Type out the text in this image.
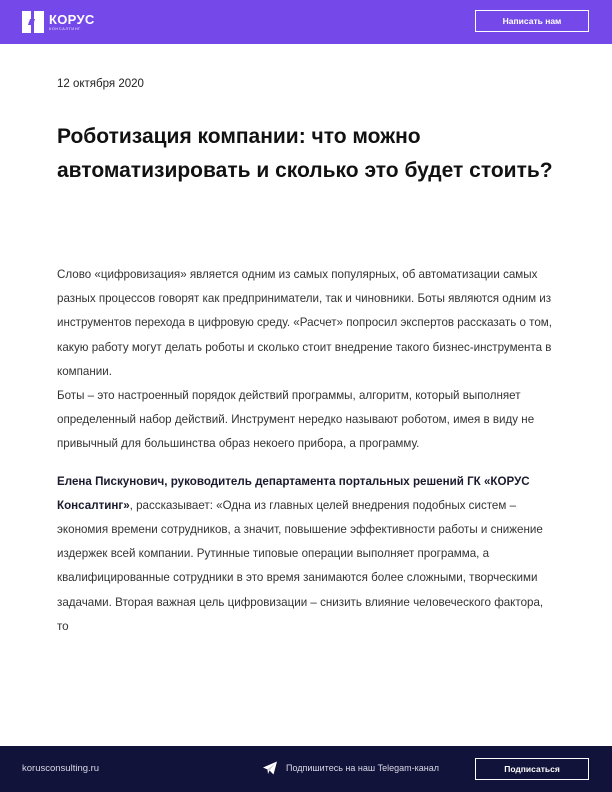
КОРУС
КОНСАЛТИНГ
Написать нам
12 октября 2020
Роботизация компании: что можно автоматизировать и сколько это будет стоить?

Слово «цифровизация» является одним из самых популярных, об автоматизации самых разных процессов говорят как предприниматели, так и чиновники. Боты являются одним из инструментов перехода в цифровую среду. «Расчет» попросил экспертов рассказать о том, какую работу могут делать роботы и сколько стоит внедрение такого бизнес-инструмента в компании.

Боты – это настроенный порядок действий программы, алгоритм, который выполняет определенный набор действий. Инструмент нередко называют роботом, имея в виду не привычный для большинства образ некоего прибора, а программу.

Елена Пискунович, руководитель департамента портальных решений ГК «КОРУС Консалтинг», рассказывает: «Одна из главных целей внедрения подобных систем – экономия времени сотрудников, а значит, повышение эффективности работы и снижение издержек всей компании. Рутинные типовые операции выполняет программа, а квалифицированные сотрудники в это время занимаются более сложными, творческими задачами. Вторая важная цель цифровизации – снизить влияние человеческого фактора, то

korusconsulting.ru	Подпишитесь на наш Telegam-канал	Подписаться
